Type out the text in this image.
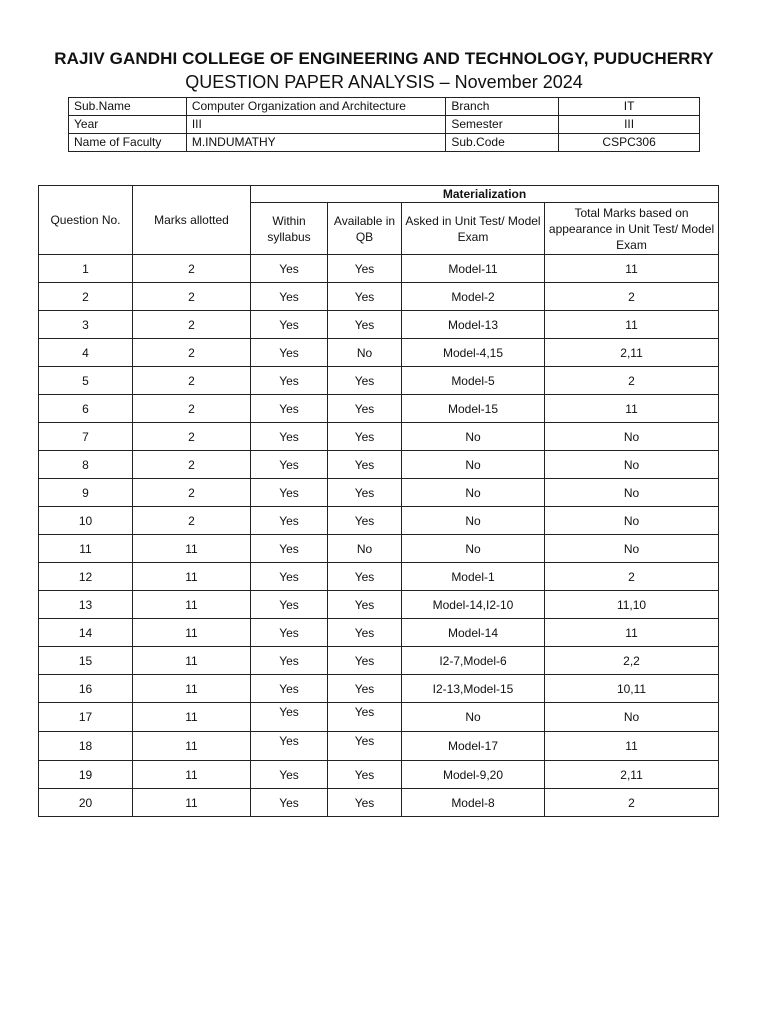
RAJIV GANDHI COLLEGE OF ENGINEERING AND TECHNOLOGY, PUDUCHERRY
QUESTION PAPER ANALYSIS – November 2024
Sub.Name	Computer Organization and Architecture	Branch	IT
Year	III	Semester	III
Name of Faculty	M.INDUMATHY	Sub.Code	CSPC306
Question No.	Marks allotted	Materialization			
		Within syllabus	Available in QB	Asked in Unit Test/ Model Exam	Total Marks based on appearance in Unit Test/ Model Exam
1	2	Yes	Yes	Model-11	11
2	2	Yes	Yes	Model-2	2
3	2	Yes	Yes	Model-13	11
4	2	Yes	No	Model-4,15	2,11
5	2	Yes	Yes	Model-5	2
6	2	Yes	Yes	Model-15	11
7	2	Yes	Yes	No	No
8	2	Yes	Yes	No	No
9	2	Yes	Yes	No	No
10	2	Yes	Yes	No	No
11	11	Yes	No	No	No
12	11	Yes	Yes	Model-1	2
13	11	Yes	Yes	Model-14,I2-10	11,10
14	11	Yes	Yes	Model-14	11
15	11	Yes	Yes	I2-7,Model-6	2,2
16	11	Yes	Yes	I2-13,Model-15	10,11
17	11	Yes	Yes	No	No
18	11	Yes	Yes	Model-17	11
19	11	Yes	Yes	Model-9,20	2,11
20	11	Yes	Yes	Model-8	2
